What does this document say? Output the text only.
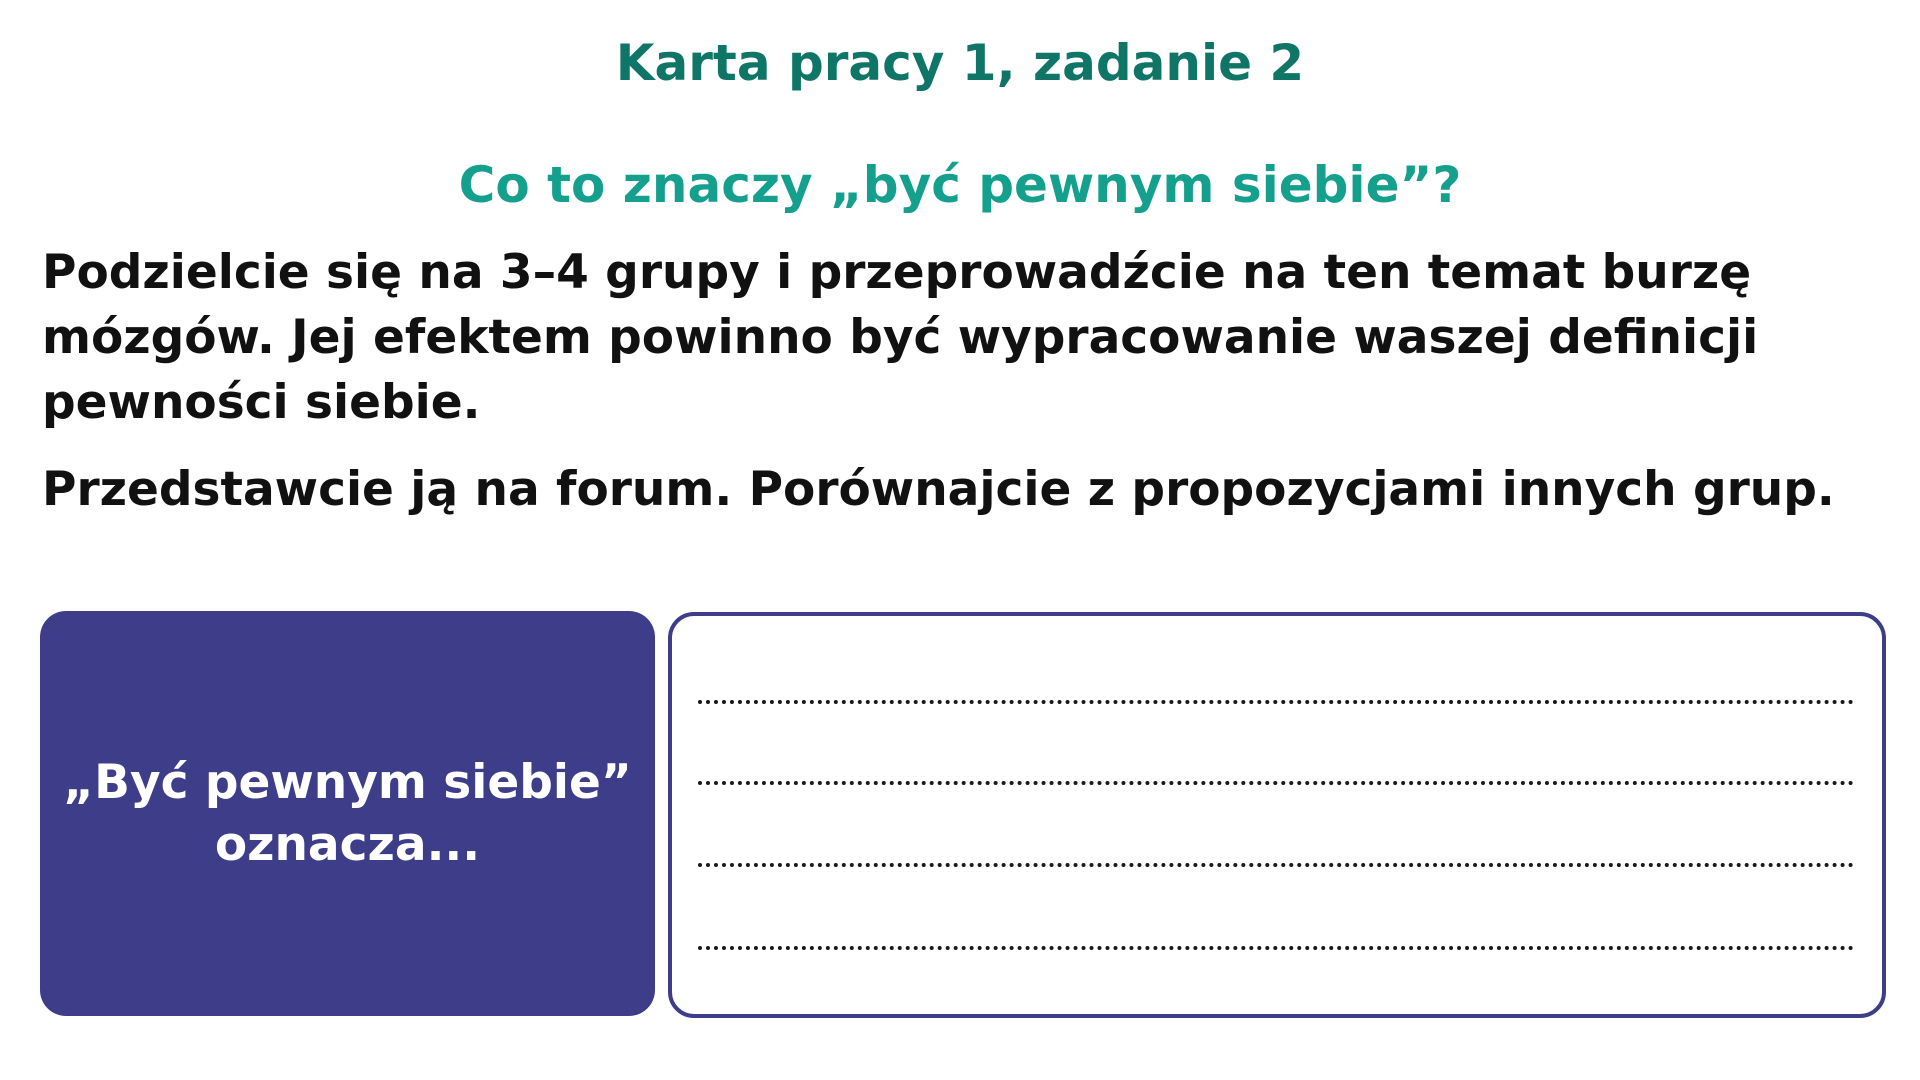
Karta pracy 1, zadanie 2
Co to znaczy „być pewnym siebie”?

Podzielcie się na 3–4 grupy i przeprowadźcie na ten temat burzę mózgów. Jej efektem powinno być wypracowanie waszej definicji pewności siebie.

Przedstawcie ją na forum. Porównajcie z propozycjami innych grup.

„Być pewnym siebie”
oznacza...
